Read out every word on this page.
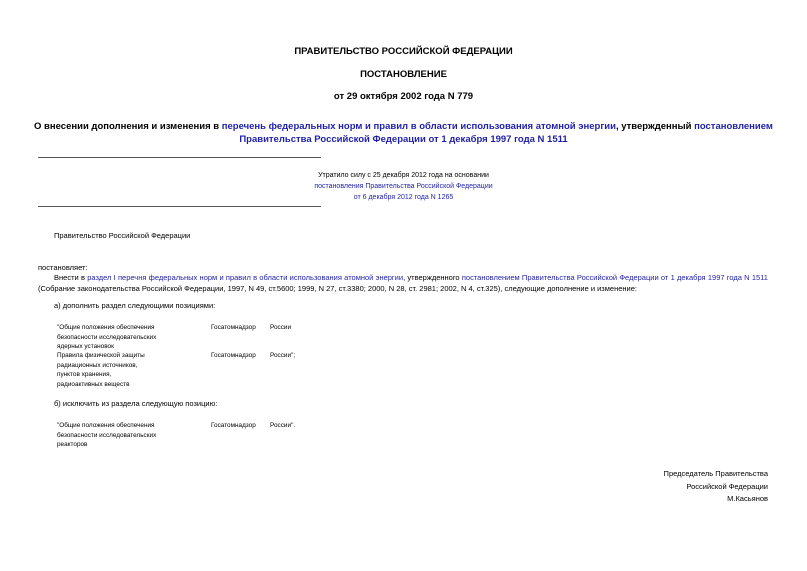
ПРАВИТЕЛЬСТВО РОССИЙСКОЙ ФЕДЕРАЦИИ
ПОСТАНОВЛЕНИЕ
от 29 октября 2002 года N 779
О внесении дополнения и изменения в перечень федеральных норм и правил в области использования атомной энергии, утвержденный постановлением
Правительства Российской Федерации от 1 декабря 1997 года N 1511
Утратило силу с 25 декабря 2012 года на основании
постановления Правительства Российской Федерации
от 6 декабря 2012 года N 1265
Правительство Российской Федерации
постановляет:
Внести в раздел I перечня федеральных норм и правил в области использования атомной энергии, утвержденного постановлением Правительства Российской Федерации от 1 декабря 1997 года N 1511 (Собрание законодательства Российской Федерации, 1997, N 49, ст.5600; 1999, N 27, ст.3380; 2000, N 28, ст. 2981; 2002, N 4, ст.325), следующие дополнение и изменение:
а) дополнить раздел следующими позициями:
"Общие положения обеспечения
безопасности исследовательских
ядерных установок
Госатомнадзор России
Правила физической защиты
радиационных источников,
пунктов хранения,
радиоактивных веществ
Госатомнадзор России";
б) исключить из раздела следующую позицию:
"Общие положения обеспечения
безопасности исследовательских
реакторов
Госатомнадзор России".
Председатель Правительства
Российской Федерации
М.Касьянов
